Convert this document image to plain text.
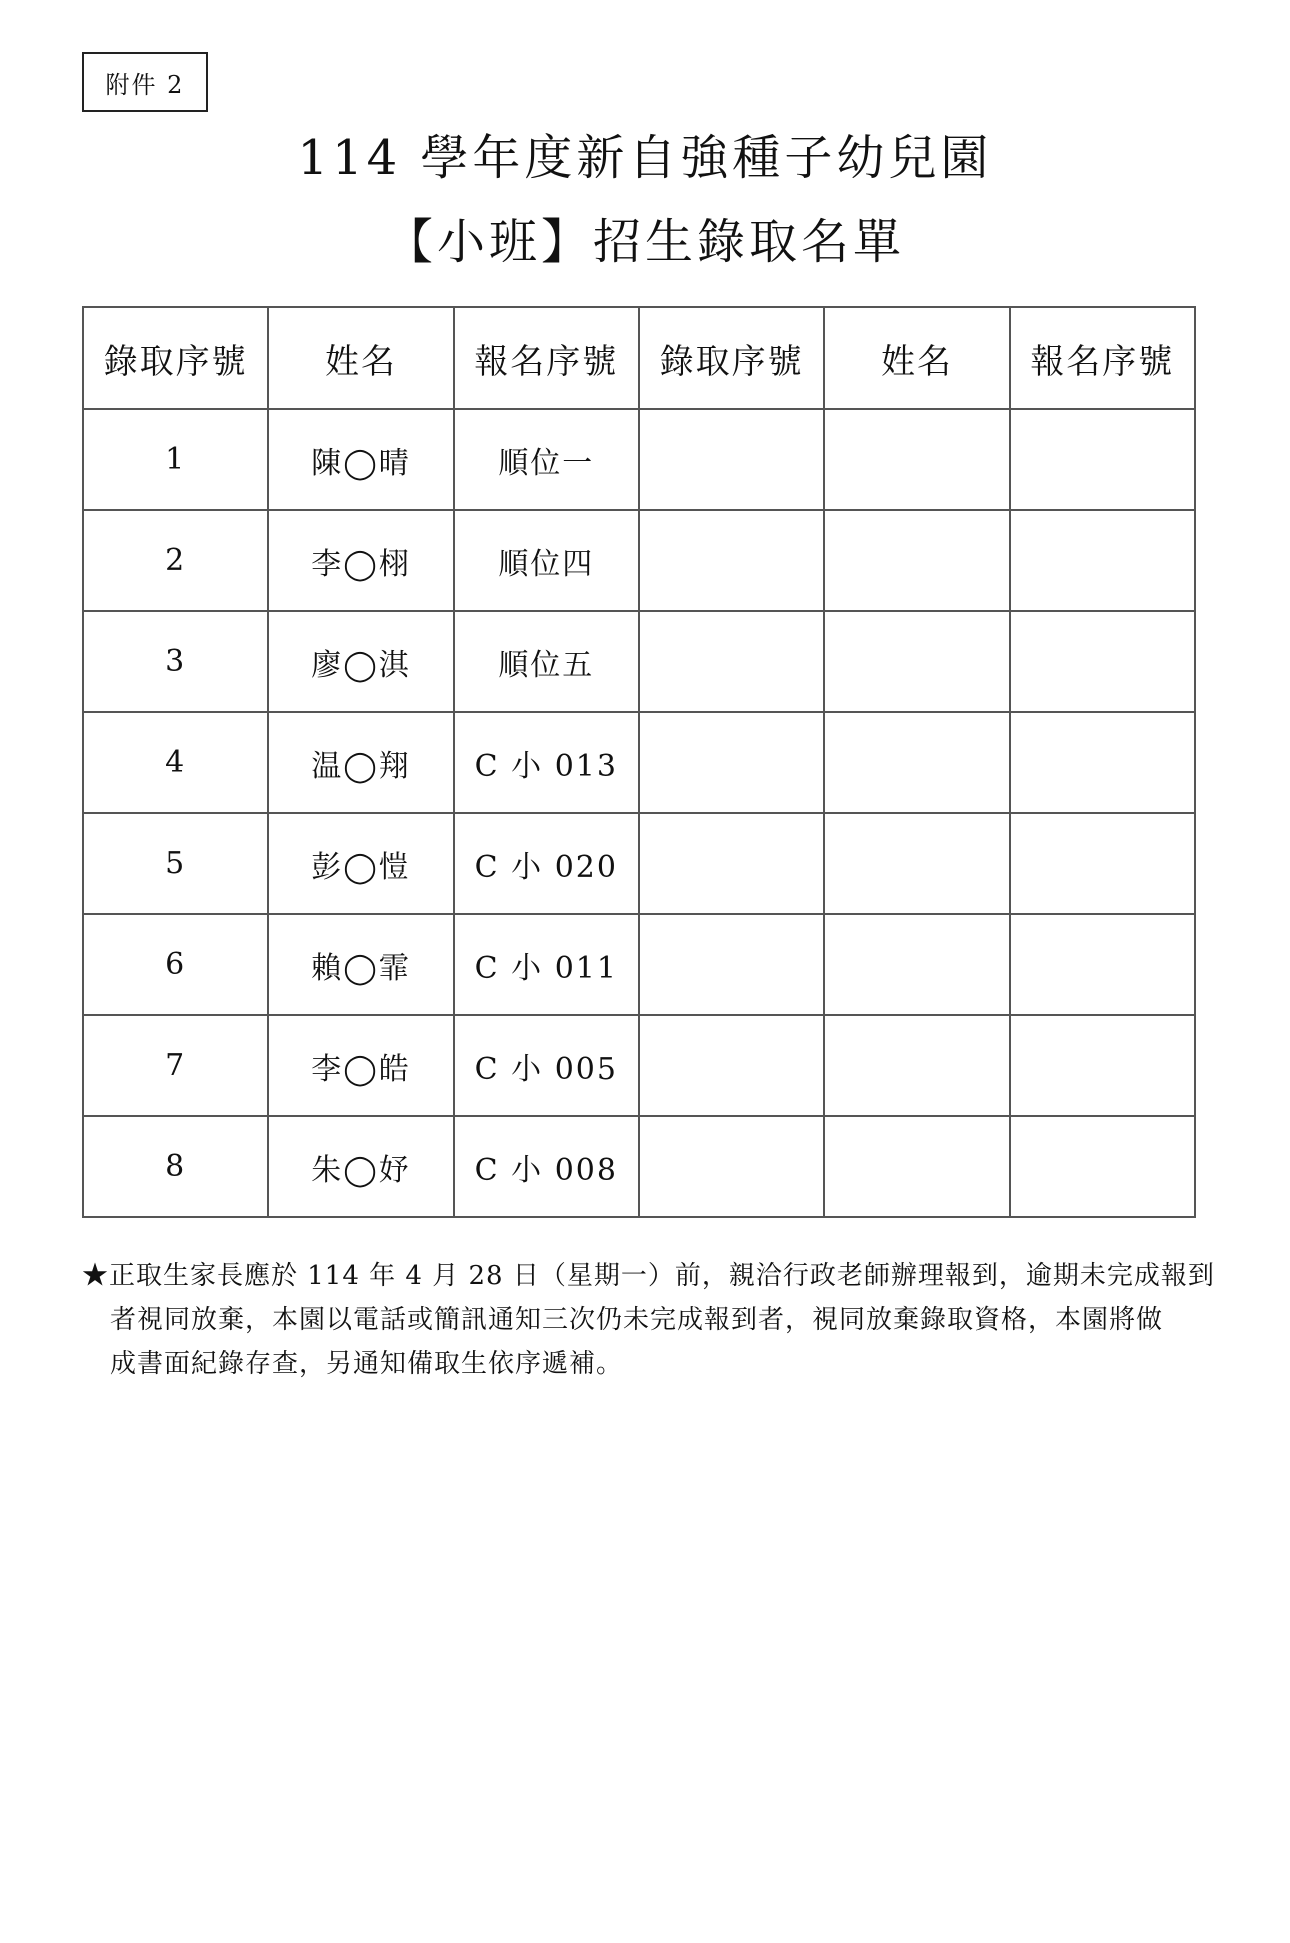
附件 2
114 學年度新自強種子幼兒園
【小班】招生錄取名單
錄取序號	姓名	報名序號	錄取序號	姓名	報名序號
1	陳◯晴	順位一			
2	李◯栩	順位四			
3	廖◯淇	順位五			
4	温◯翔	C 小 013			
5	彭◯愷	C 小 020			
6	賴◯霏	C 小 011			
7	李◯皓	C 小 005			
8	朱◯妤	C 小 008			
★正取生家長應於 114 年 4 月 28 日（星期一）前，親洽行政老師辦理報到，逾期未完成報到
者視同放棄，本園以電話或簡訊通知三次仍未完成報到者，視同放棄錄取資格，本園將做
成書面紀錄存查，另通知備取生依序遞補。
